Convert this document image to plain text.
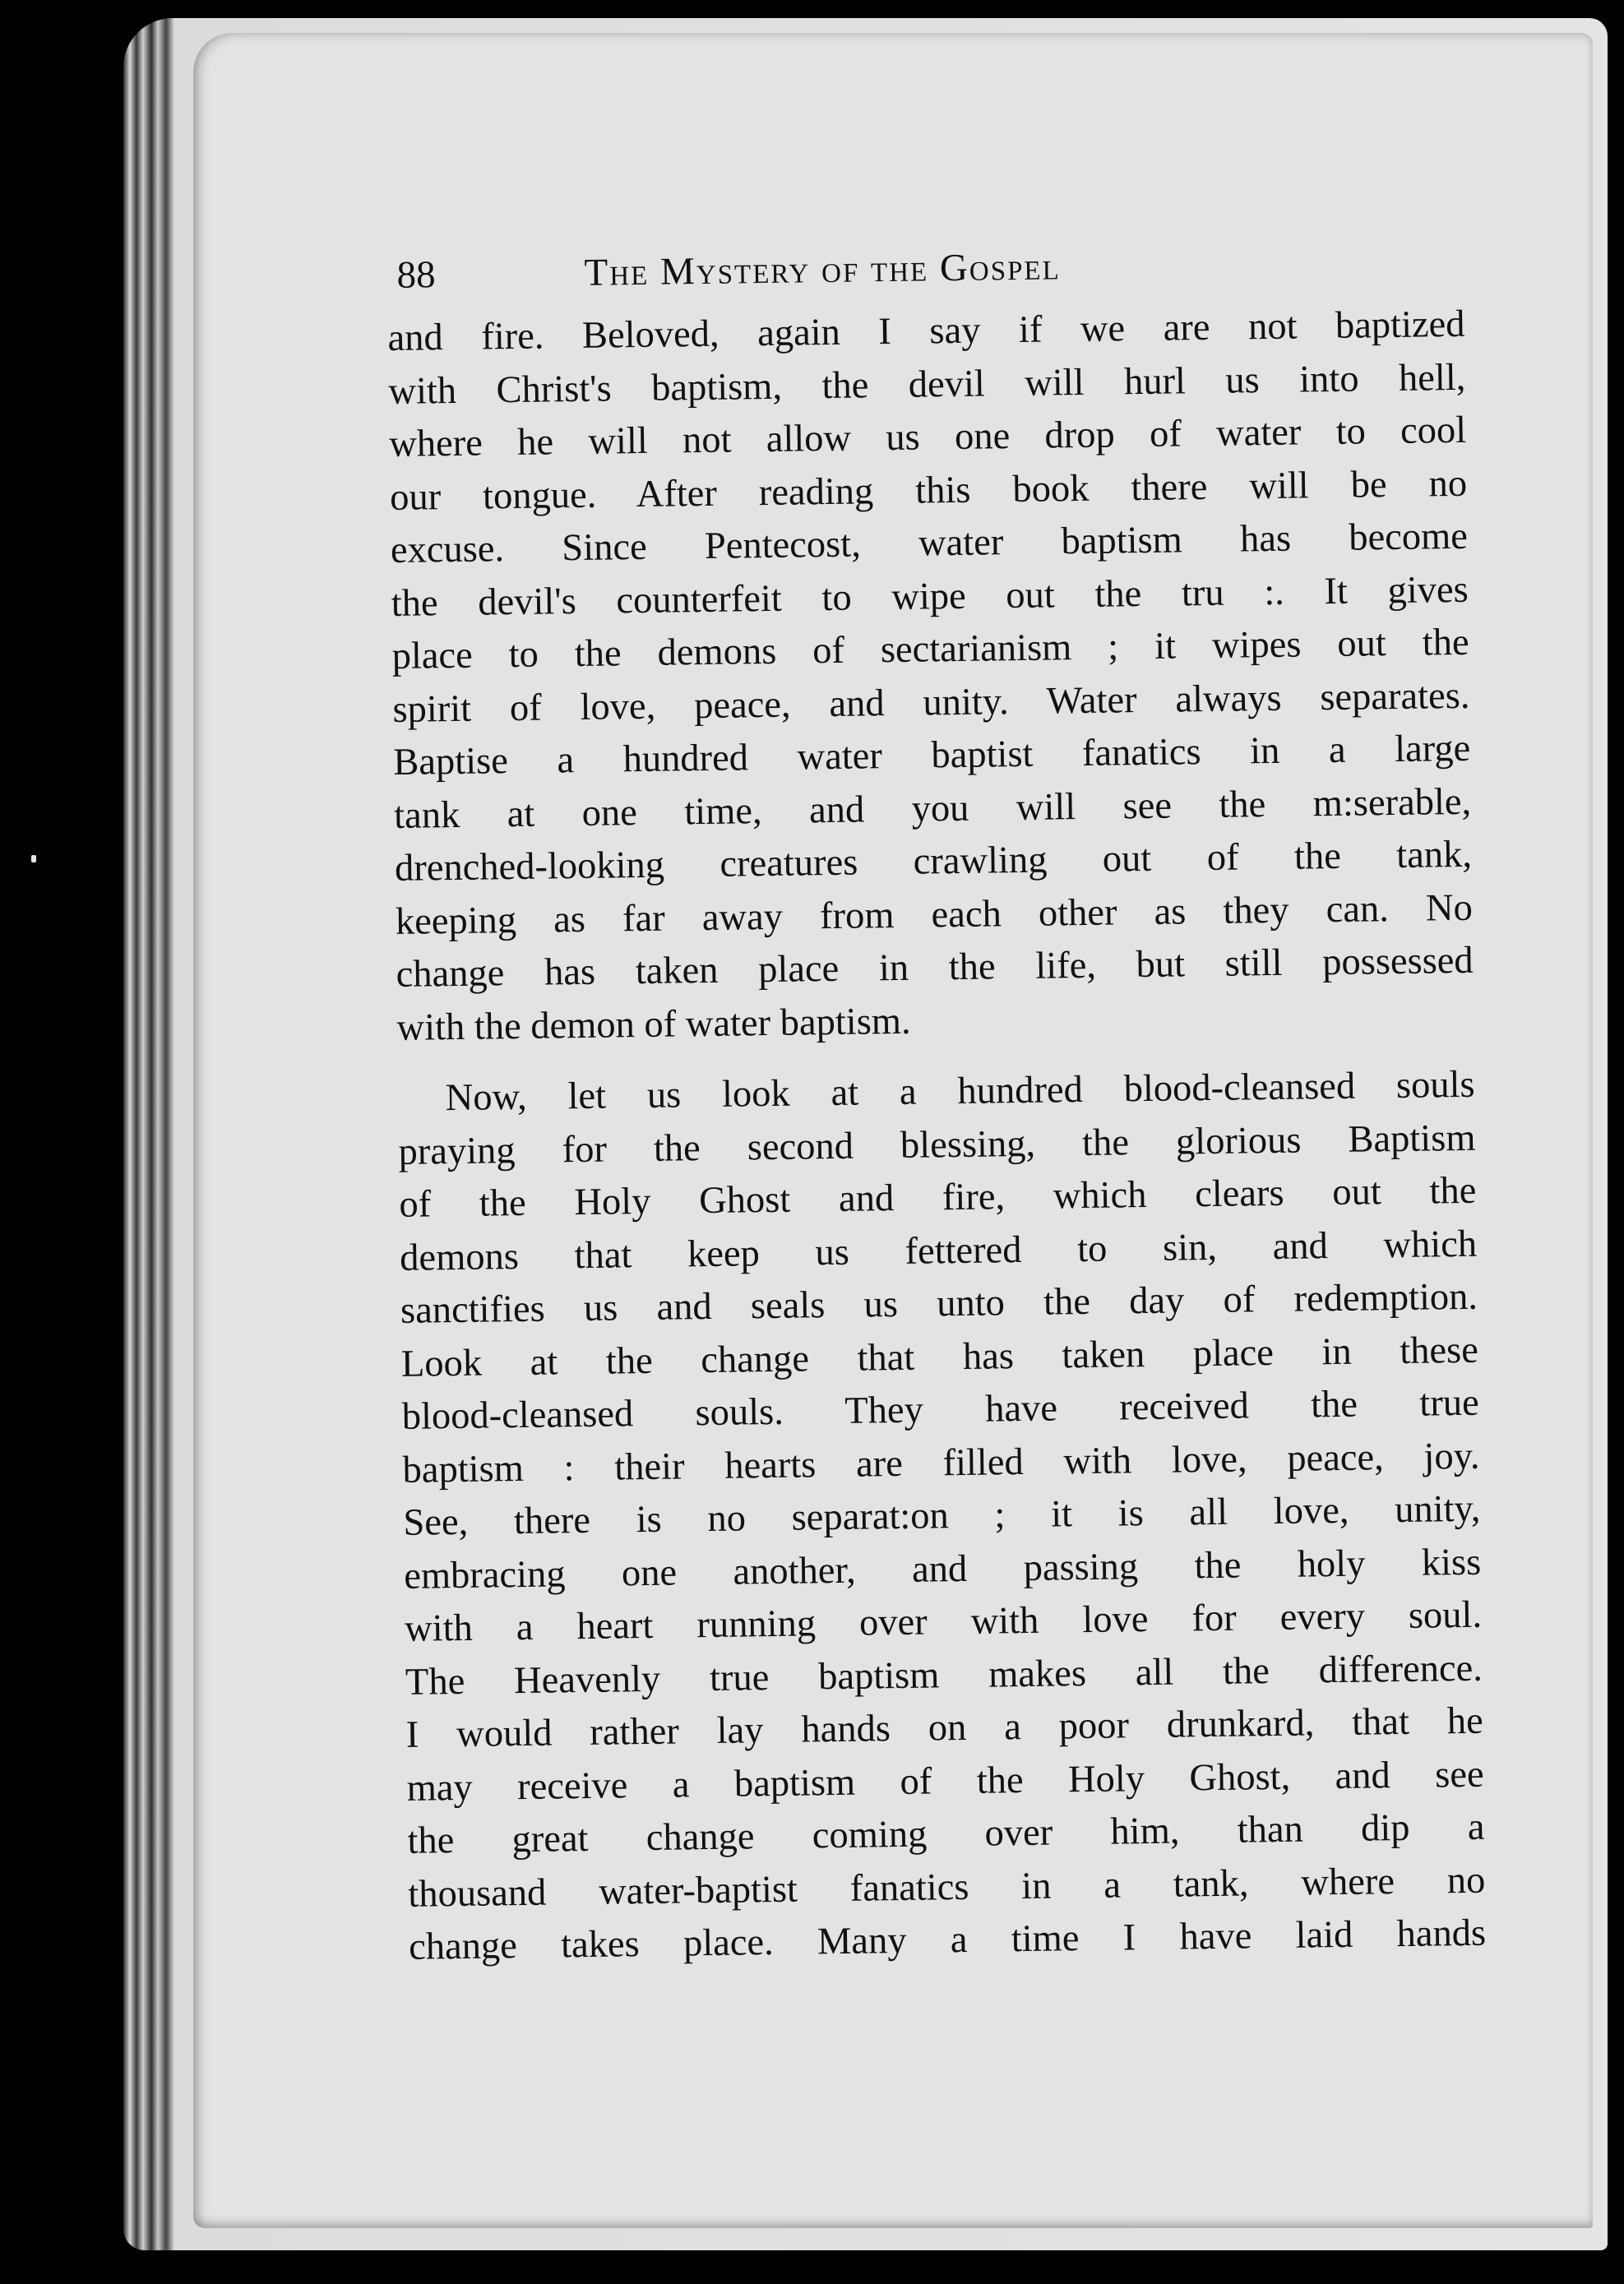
88	The Mystery of the Gospel
and fire. Beloved, again I say if we are not baptized
with Christ's baptism, the devil will hurl us into hell,
where he will not allow us one drop of water to cool
our tongue. After reading this book there will be no
excuse. Since Pentecost, water baptism has become
the devil's counterfeit to wipe out the tru :. It gives
place to the demons of sectarianism ; it wipes out the
spirit of love, peace, and unity. Water always separates.
Baptise a hundred water baptist fanatics in a large
tank at one time, and you will see the m:serable,
drenched-looking creatures crawling out of the tank,
keeping as far away from each other as they can. No
change has taken place in the life, but still possessed
with the demon of water baptism.
Now, let us look at a hundred blood-cleansed souls
praying for the second blessing, the glorious Baptism
of the Holy Ghost and fire, which clears out the
demons that keep us fettered to sin, and which
sanctifies us and seals us unto the day of redemption.
Look at the change that has taken place in these
blood-cleansed souls. They have received the true
baptism : their hearts are filled with love, peace, joy.
See, there is no separat:on ; it is all love, unity,
embracing one another, and passing the holy kiss
with a heart running over with love for every soul.
The Heavenly true baptism makes all the difference.
I would rather lay hands on a poor drunkard, that he
may receive a baptism of the Holy Ghost, and see
the great change coming over him, than dip a
thousand water-baptist fanatics in a tank, where no
change takes place. Many a time I have laid hands
